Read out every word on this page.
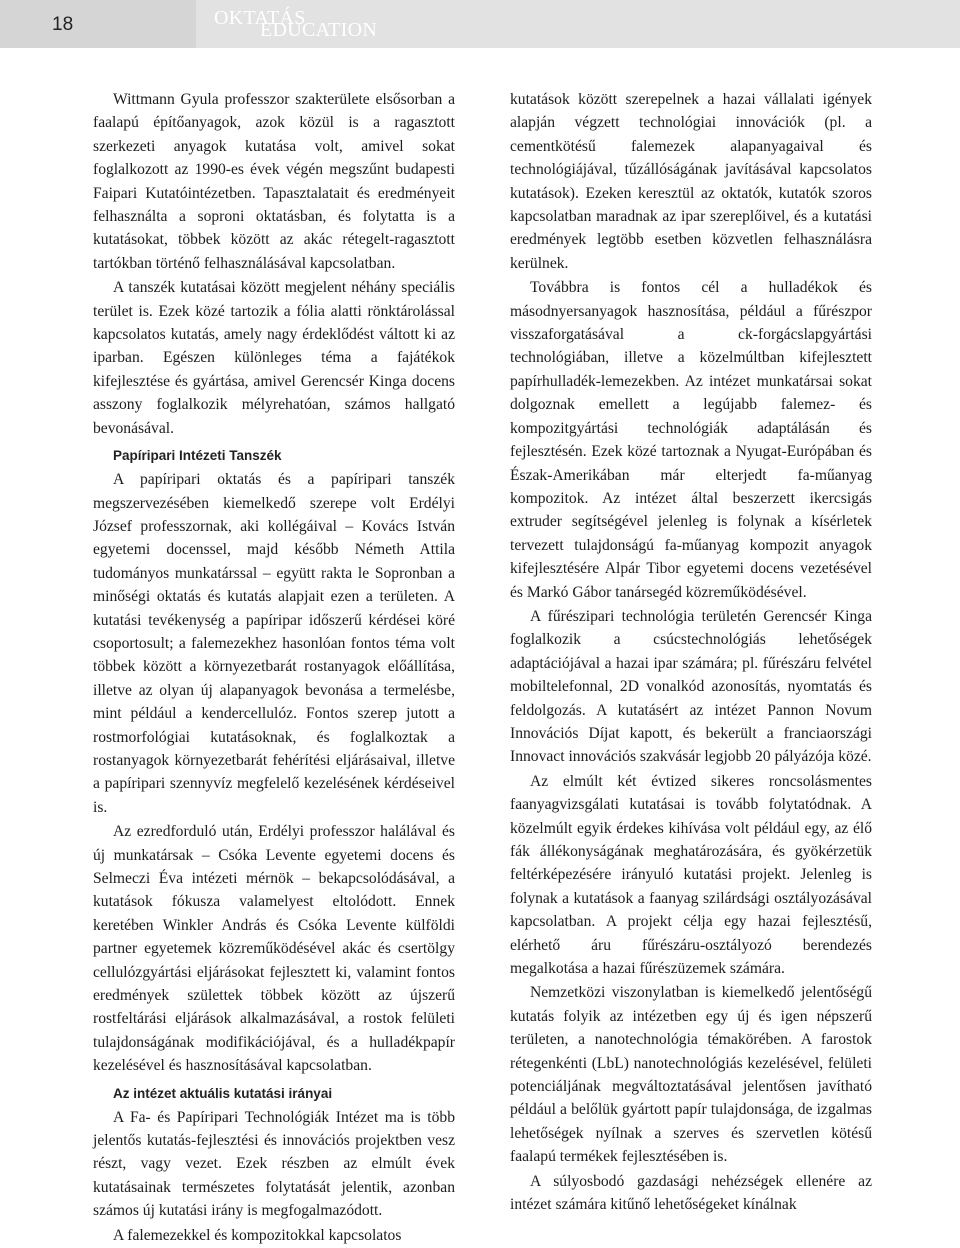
18	OKTATÁS
EDUCATION

Wittmann Gyula professzor szakterülete elsősorban a faalapú építőanyagok, azok közül is a ragasztott szerkezeti anyagok kutatása volt, amivel sokat foglalkozott az 1990-es évek végén megszűnt budapesti Faipari Kutatóintézetben. Tapasztalatait és eredményeit felhasználta a soproni oktatásban, és folytatta is a kutatásokat, többek között az akác rétegelt-ragasztott tartókban történő felhasználásával kapcsolatban.

A tanszék kutatásai között megjelent néhány speciális terület is. Ezek közé tartozik a fólia alatti rönktárolással kapcsolatos kutatás, amely nagy érdeklődést váltott ki az iparban. Egészen különleges téma a fajátékok kifejlesztése és gyártása, amivel Gerencsér Kinga docens asszony foglalkozik mélyrehatóan, számos hallgató bevonásával.

Papíripari Intézeti Tanszék

A papíripari oktatás és a papíripari tanszék megszervezésében kiemelkedő szerepe volt Erdélyi József professzornak, aki kollégáival – Kovács István egyetemi docenssel, majd később Németh Attila tudományos munkatárssal – együtt rakta le Sopronban a minőségi oktatás és kutatás alapjait ezen a területen. A kutatási tevékenység a papíripar időszerű kérdései köré csoportosult; a falemezekhez hasonlóan fontos téma volt többek között a környezetbarát rostanyagok előállítása, illetve az olyan új alapanyagok bevonása a termelésbe, mint például a kendercellulóz. Fontos szerep jutott a rostmorfológiai kutatásoknak, és foglalkoztak a rostanyagok környezetbarát fehérítési eljárásaival, illetve a papíripari szennyvíz megfelelő kezelésének kérdéseivel is.

Az ezredforduló után, Erdélyi professzor halálával és új munkatársak – Csóka Levente egyetemi docens és Selmeczi Éva intézeti mérnök – bekapcsolódásával, a kutatások fókusza valamelyest eltolódott. Ennek keretében Winkler András és Csóka Levente külföldi partner egyetemek közreműködésével akác és csertölgy cellulózgyártási eljárásokat fejlesztett ki, valamint fontos eredmények születtek többek között az újszerű rostfeltárási eljárások alkalmazásával, a rostok felületi tulajdonságának modifikációjával, és a hulladékpapír kezelésével és hasznosításával kapcsolatban.

Az intézet aktuális kutatási irányai

A Fa- és Papíripari Technológiák Intézet ma is több jelentős kutatás-fejlesztési és innovációs projektben vesz részt, vagy vezet. Ezek részben az elmúlt évek kutatásainak természetes folytatását jelentik, azonban számos új kutatási irány is megfogalmazódott.

A falemezekkel és kompozitokkal kapcsolatos

kutatások között szerepelnek a hazai vállalati igények alapján végzett technológiai innovációk (pl. a cementkötésű falemezek alapanyagaival és technológiájával, tűzállóságának javításával kapcsolatos kutatások). Ezeken keresztül az oktatók, kutatók szoros kapcsolatban maradnak az ipar szereplőivel, és a kutatási eredmények legtöbb esetben közvetlen felhasználásra kerülnek.

Továbbra is fontos cél a hulladékok és másodnyersanyagok hasznosítása, például a fűrészpor visszaforgatásával a ck-forgácslapgyártási technológiában, illetve a közelmúltban kifejlesztett papírhulladék-lemezekben. Az intézet munkatársai sokat dolgoznak emellett a legújabb falemez- és kompozitgyártási technológiák adaptálásán és fejlesztésén. Ezek közé tartoznak a Nyugat-Európában és Észak-Amerikában már elterjedt fa-műanyag kompozitok. Az intézet által beszerzett ikercsigás extruder segítségével jelenleg is folynak a kísérletek tervezett tulajdonságú fa-műanyag kompozit anyagok kifejlesztésére Alpár Tibor egyetemi docens vezetésével és Markó Gábor tanársegéd közreműködésével.

A fűrészipari technológia területén Gerencsér Kinga foglalkozik a csúcstechnológiás lehetőségek adaptációjával a hazai ipar számára; pl. fűrészáru felvétel mobiltelefonnal, 2D vonalkód azonosítás, nyomtatás és feldolgozás. A kutatásért az intézet Pannon Novum Innovációs Díjat kapott, és bekerült a franciaországi Innovact innovációs szakvásár legjobb 20 pályázója közé.

Az elmúlt két évtized sikeres roncsolásmentes faanyagvizsgálati kutatásai is tovább folytatódnak. A közelmúlt egyik érdekes kihívása volt például egy, az élő fák állékonyságának meghatározására, és gyökérzetük feltérképezésére irányuló kutatási projekt. Jelenleg is folynak a kutatások a faanyag szilárdsági osztályozásával kapcsolatban. A projekt célja egy hazai fejlesztésű, elérhető áru fűrészáru-osztályozó berendezés megalkotása a hazai fűrészüzemek számára.

Nemzetközi viszonylatban is kiemelkedő jelentőségű kutatás folyik az intézetben egy új és igen népszerű területen, a nanotechnológia témakörében. A farostok rétegenkénti (LbL) nanotechnológiás kezelésével, felületi potenciáljának megváltoztatásával jelentősen javítható például a belőlük gyártott papír tulajdonsága, de izgalmas lehetőségek nyílnak a szerves és szervetlen kötésű faalapú termékek fejlesztésében is.

A súlyosbodó gazdasági nehézségek ellenére az intézet számára kitűnő lehetőségeket kínálnak
